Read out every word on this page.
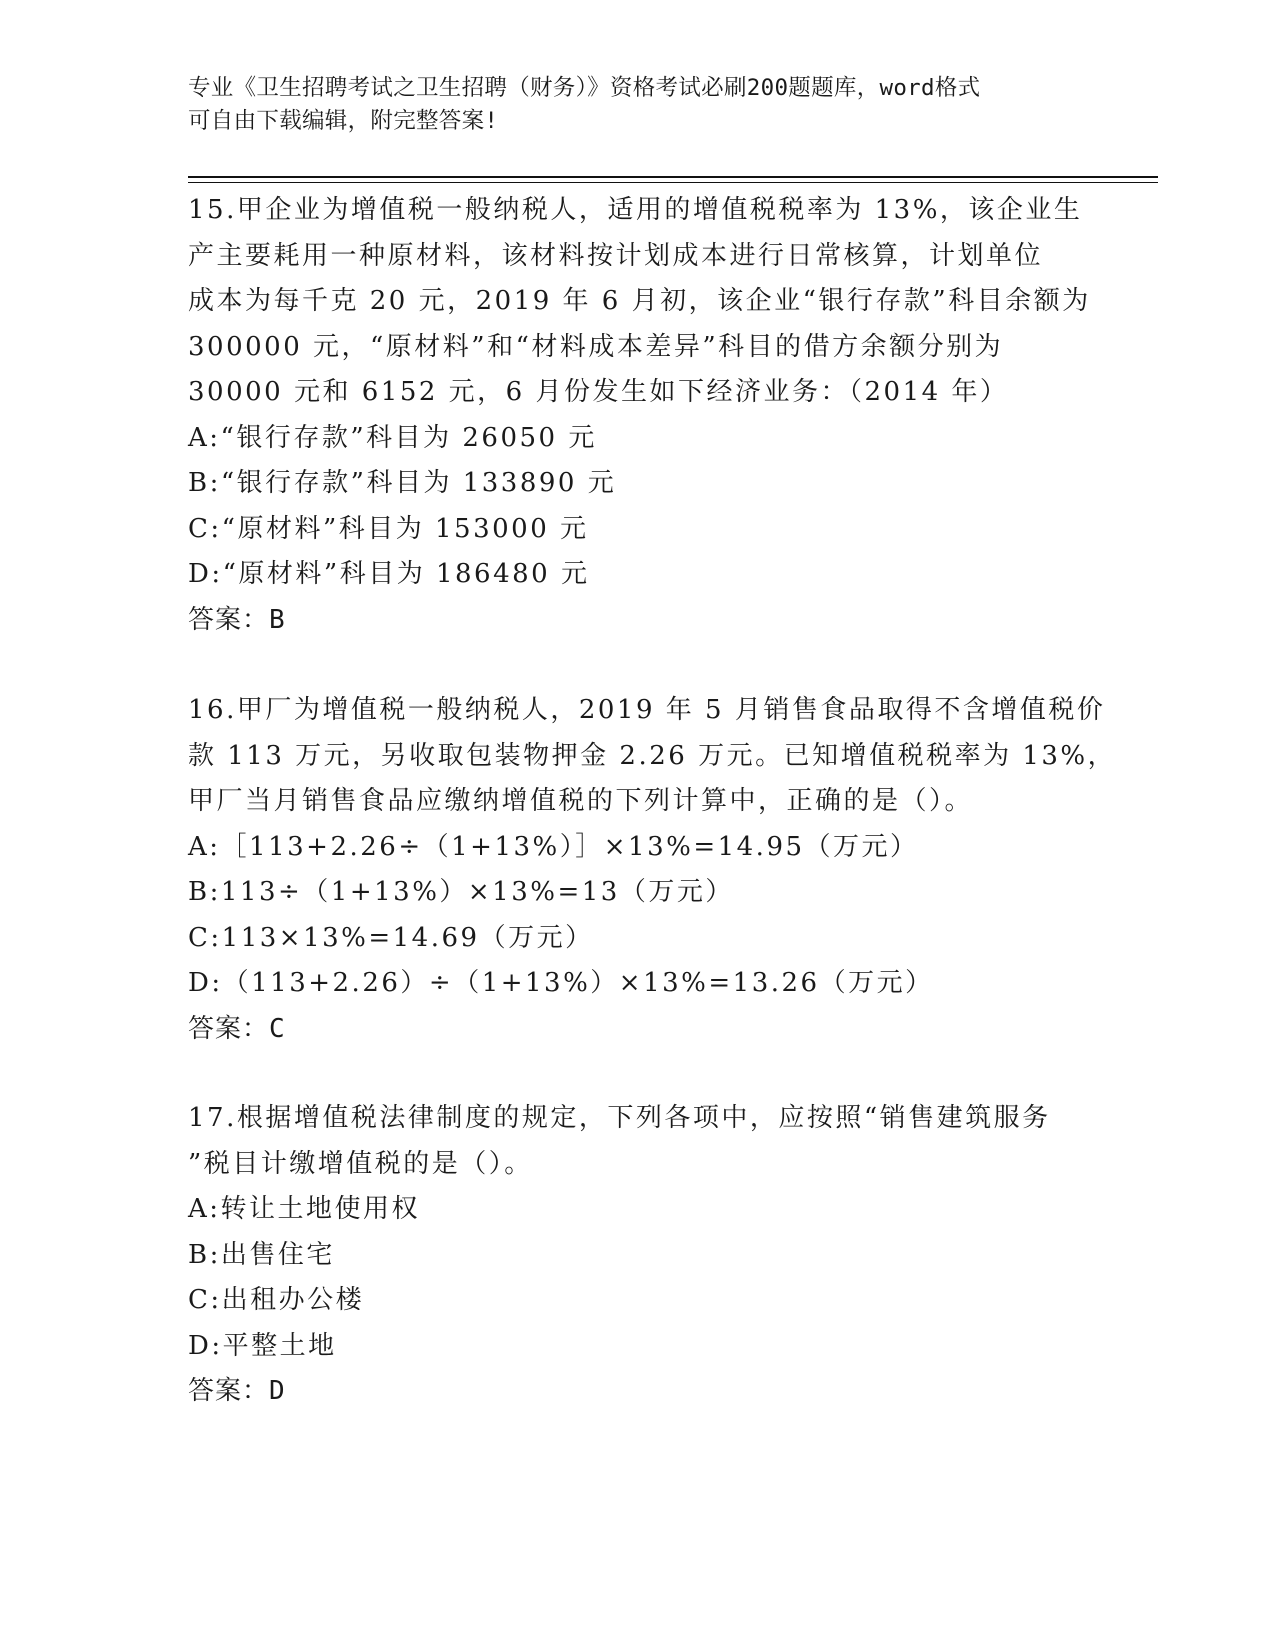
专业《卫生招聘考试之卫生招聘（财务）》资格考试必刷200题题库，word格式
可自由下载编辑，附完整答案!
15.甲企业为增值税一般纳税人，适用的增值税税率为 13%，该企业生
产主要耗用一种原材料，该材料按计划成本进行日常核算，计划单位
成本为每千克 20 元，2019 年 6 月初，该企业“银行存款”科目余额为
300000 元，“原材料”和“材料成本差异”科目的借方余额分别为
30000 元和 6152 元，6 月份发生如下经济业务：（2014 年）
A:“银行存款”科目为 26050 元
B:“银行存款”科目为 133890 元
C:“原材料”科目为 153000 元
D:“原材料”科目为 186480 元
答案：B
16.甲厂为增值税一般纳税人，2019 年 5 月销售食品取得不含增值税价
款 113 万元，另收取包装物押金 2.26 万元。已知增值税税率为 13%，
甲厂当月销售食品应缴纳增值税的下列计算中，正确的是（）。
A:［113+2.26÷（1+13%）］×13%=14.95（万元）
B:113÷（1+13%）×13%=13（万元）
C:113×13%=14.69（万元）
D:（113+2.26）÷（1+13%）×13%=13.26（万元）
答案：C
17.根据增值税法律制度的规定，下列各项中，应按照“销售建筑服务
”税目计缴增值税的是（）。
A:转让土地使用权
B:出售住宅
C:出租办公楼
D:平整土地
答案：D
